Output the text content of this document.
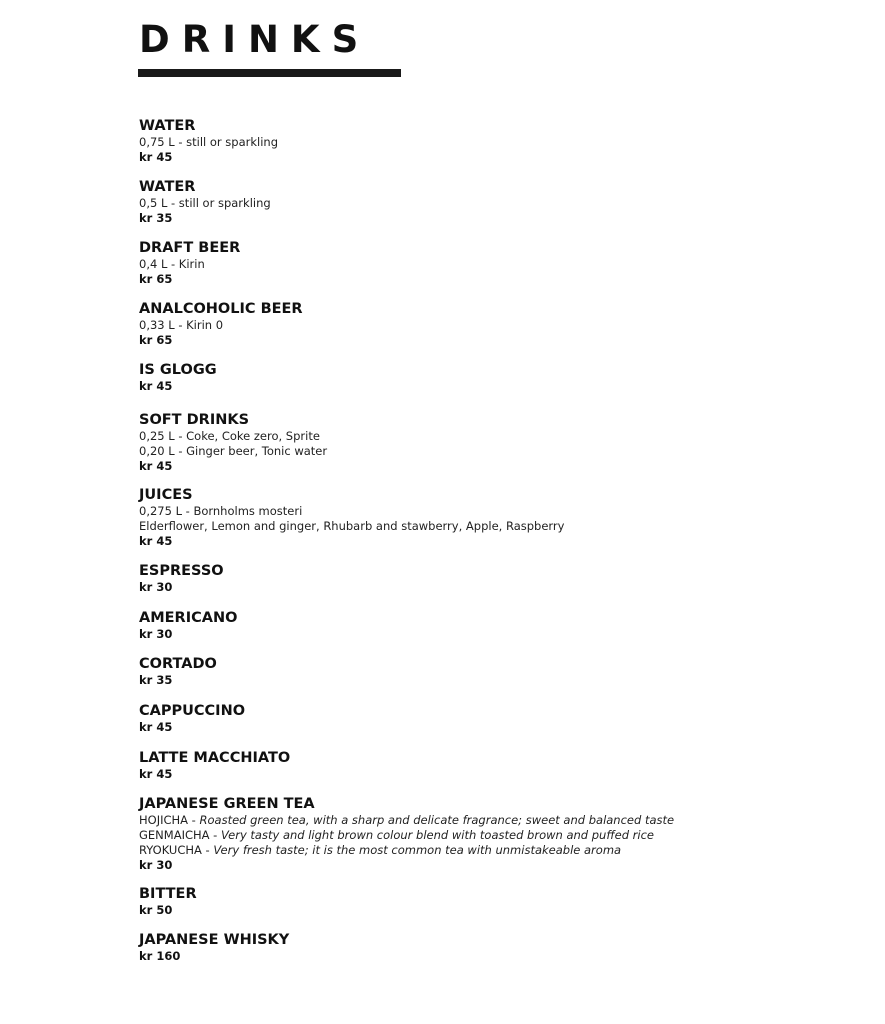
DRINKS
WATER
0,75 L - still or sparkling
kr 45
WATER
0,5 L - still or sparkling
kr 35
DRAFT BEER
0,4 L - Kirin
kr 65
ANALCOHOLIC BEER
0,33 L - Kirin 0
kr 65
IS GLOGG
kr 45
SOFT DRINKS
0,25 L - Coke, Coke zero, Sprite
0,20 L - Ginger beer, Tonic water
kr 45
JUICES
0,275 L - Bornholms mosteri
Elderflower, Lemon and ginger, Rhubarb and stawberry, Apple, Raspberry
kr 45
ESPRESSO
kr 30
AMERICANO
kr 30
CORTADO
kr 35
CAPPUCCINO
kr 45
LATTE MACCHIATO
kr 45
JAPANESE GREEN TEA
HOJICHA - Roasted green tea, with a sharp and delicate fragrance; sweet and balanced taste
GENMAICHA - Very tasty and light brown colour blend with toasted brown and puffed rice
RYOKUCHA - Very fresh taste; it is the most common tea with unmistakeable aroma
kr 30
BITTER
kr 50
JAPANESE WHISKY
kr 160
